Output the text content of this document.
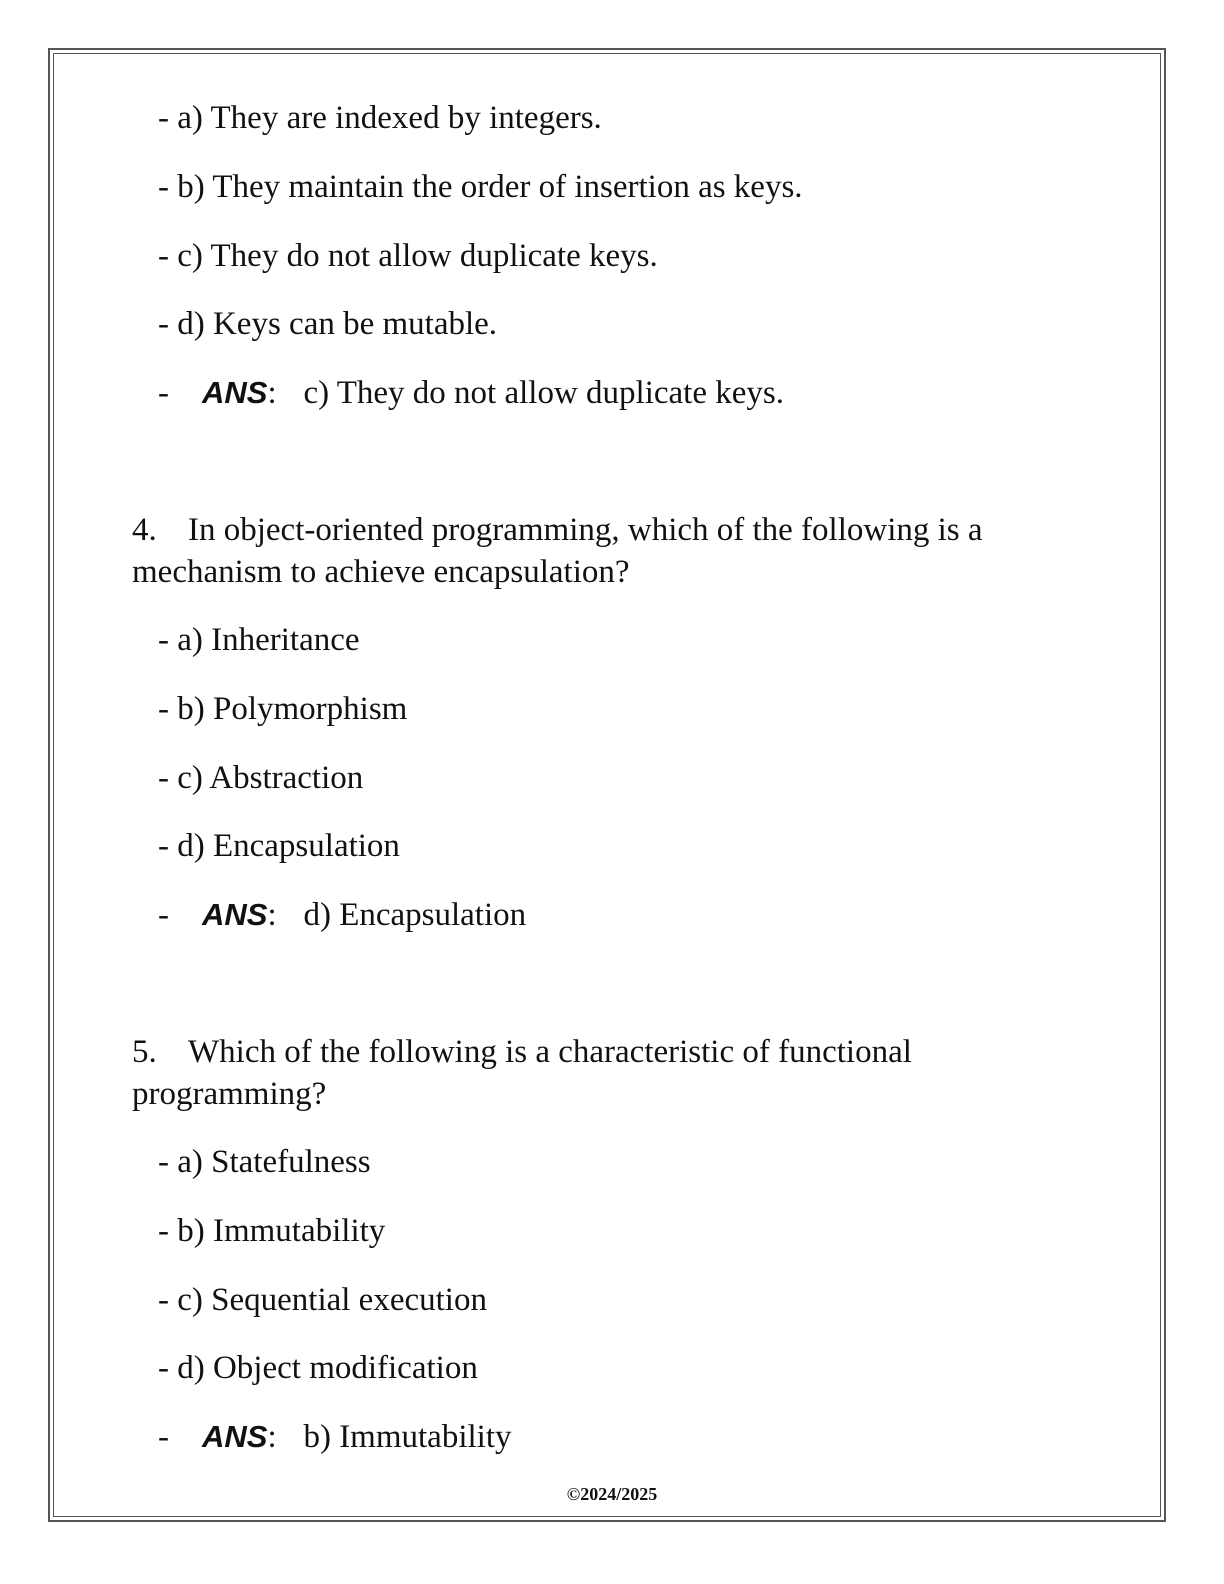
- a) They are indexed by integers.
- b) They maintain the order of insertion as keys.
- c) They do not allow duplicate keys.
- d) Keys can be mutable.
- ANS: c) They do not allow duplicate keys.
4. In object-oriented programming, which of the following is a mechanism to achieve encapsulation?
- a) Inheritance
- b) Polymorphism
- c) Abstraction
- d) Encapsulation
- ANS: d) Encapsulation
5. Which of the following is a characteristic of functional programming?
- a) Statefulness
- b) Immutability
- c) Sequential execution
- d) Object modification
- ANS: b) Immutability
©2024/2025
